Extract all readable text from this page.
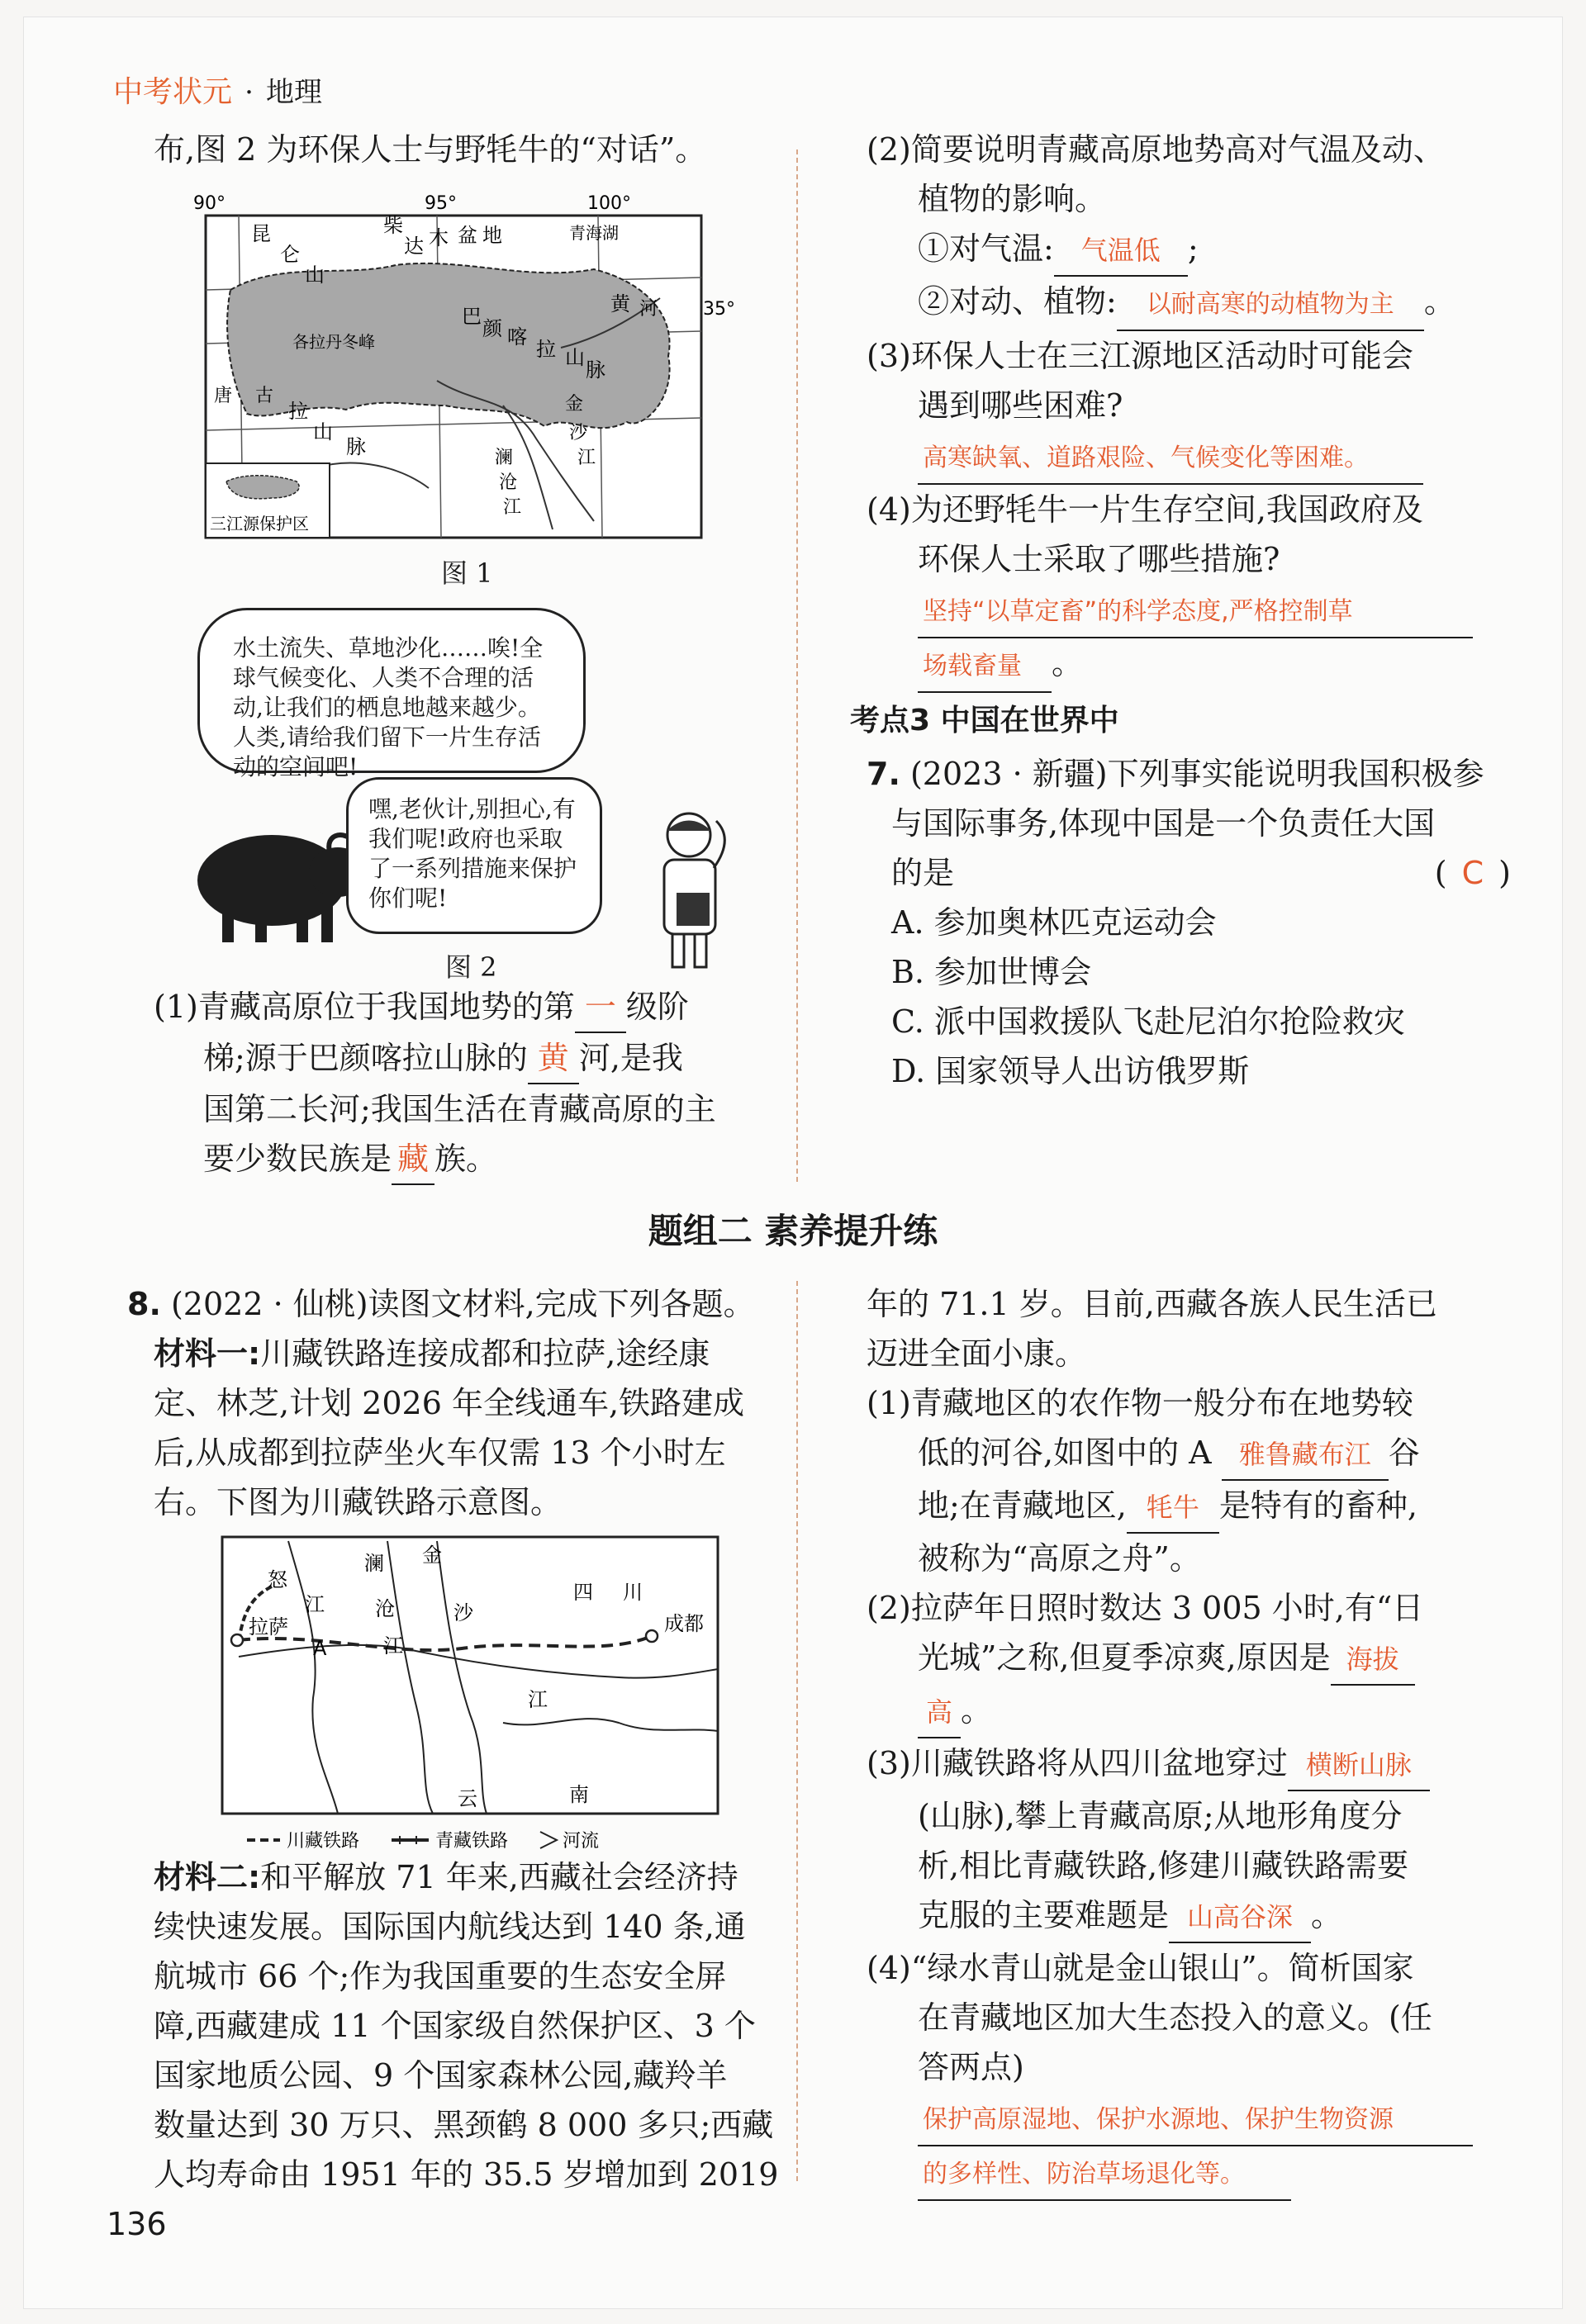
中考状元 · 地理
布,图 2 为环保人士与野牦牛的“对话”。
昆
仑
山
柴
达 木 盆 地	青海湖
河
黄
巴
颜 喀
拉 山
脉
各拉丹冬峰
唐 古
拉
山
脉
金
沙
江
澜
沧
江
90°	95°	100°
35°
三江源保护区
图 1
水土流失、草地沙化……唉!全球气候变化、人类不合理的活动,让我们的栖息地越来越少。人类,请给我们留下一片生存活动的空间吧!
嘿,老伙计,别担心,有我们呢!政府也采取了一系列措施来保护你们呢!
图 2
(1)青藏高原位于我国地势的第 一 级阶
梯;源于巴颜喀拉山脉的 黄 河,是我
国第二长河;我国生活在青藏高原的主
要少数民族是 藏 族。
(2)简要说明青藏高原地势高对气温及动、
植物的影响。
①对气温: 气温低 ;
②对动、植物: 以耐高寒的动植物为主 。
(3)环保人士在三江源地区活动时可能会
遇到哪些困难?
高寒缺氧、道路艰险、气候变化等困难。
(4)为还野牦牛一片生存空间,我国政府及
环保人士采取了哪些措施?
坚持“以草定畜”的科学态度,严格控制草
场载畜量 。
考点3 中国在世界中
7. (2023 · 新疆)下列事实能说明我国积极参
与国际事务,体现中国是一个负责任大国
的是	( C )
A. 参加奥林匹克运动会
B. 参加世博会
C. 派中国救援队飞赴尼泊尔抢险救灾
D. 国家领导人出访俄罗斯
题组二 素养提升练
8. (2022 · 仙桃)读图文材料,完成下列各题。
材料一:川藏铁路连接成都和拉萨,途经康
定、林芝,计划 2026 年全线通车,铁路建成
后,从成都到拉萨坐火车仅需 13 个小时左
右。下图为川藏铁路示意图。
怒
澜 金
江	沧
江
沙
四 川
拉萨
A
成都
江
云	南
川藏铁路	青藏铁路	河流
材料二:和平解放 71 年来,西藏社会经济持
续快速发展。国际国内航线达到 140 条,通
航城市 66 个;作为我国重要的生态安全屏
障,西藏建成 11 个国家级自然保护区、3 个
国家地质公园、9 个国家森林公园,藏羚羊
数量达到 30 万只、黑颈鹤 8 000 多只;西藏
人均寿命由 1951 年的 35.5 岁增加到 2019
年的 71.1 岁。目前,西藏各族人民生活已
迈进全面小康。
(1)青藏地区的农作物一般分布在地势较
低的河谷,如图中的 A 雅鲁藏布江 谷
地;在青藏地区, 牦牛 是特有的畜种,
被称为“高原之舟”。
(2)拉萨年日照时数达 3 005 小时,有“日
光城”之称,但夏季凉爽,原因是 海拔
高 。
(3)川藏铁路将从四川盆地穿过 横断山脉
(山脉),攀上青藏高原;从地形角度分
析,相比青藏铁路,修建川藏铁路需要
克服的主要难题是 山高谷深 。
(4)“绿水青山就是金山银山”。简析国家
在青藏地区加大生态投入的意义。(任
答两点)
保护高原湿地、保护水源地、保护生物资源
的多样性、防治草场退化等。
136
